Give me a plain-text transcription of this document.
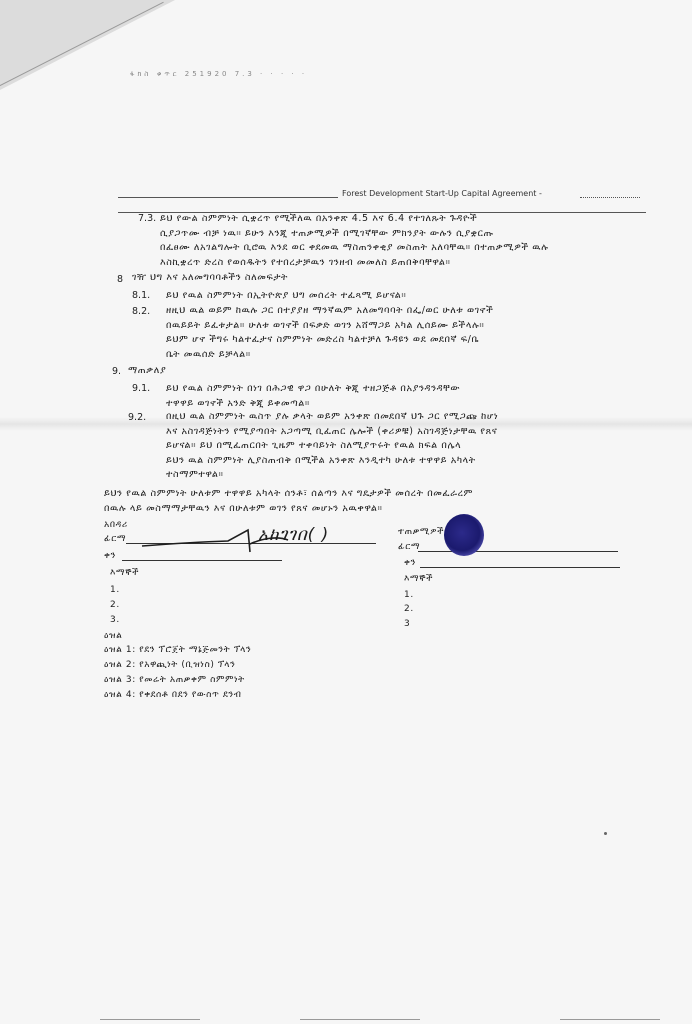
ፋክስ ቁጥር 251920 7.3 · · · · ·
Forest Development Start-Up Capital Agreement -
7.3. ይህ የውል ስምምነት ሲቋረጥ የሚችለዉ በአንቀጽ 4.5 እና 6.4 የተገለጹት ጉዳዮች
ሲያጋጥሙ ብቻ ነዉ። ይሁን እንጂ ተጠቃሚዎች በሚገኛቸው ምክንያት ውሉን ሲያቋርጡ
በፈፀሙ ለአገልግሎት ቢሮዉ እንደ ወር ቀደመዉ ማስጠንቀቂያ መስጠት አለባቸዉ። በተጠቃሚዎች ዉሉ
እስኪቋረጥ ድረስ የወሰዱትን የተበረታቻዉን ገንዘብ መመለስ ይጠበቅባቸዋል።
8 ገዥ ህግ እና አለመግባባቶችን ስለመፍታት
8.1. ይህ የዉል ስምምነት በኢትዮጵያ ህግ መሰረት ተፈጻሚ ይሆናል።
8.2. ዘዚህ ዉል ወይም ከዉሉ ጋር በተያያዘ ማንኛዉም አለመግባባት በፌ/ወር ሁለቱ ወገኖች
በዉይይት ይፈቱታል። ሁለቱ ወገኖች በፍቃድ ወገን አሸማጋይ አካል ሊሰይሙ ይችላሉ።
ይህም ሆኖ ችግሩ ካልተፈታና ስምምነት መድረስ ካልተቻለ ጉዳዩን ወደ መደበኛ ፍ/ቤ
ቤት መዉሰድ ይቻላል።
9. ማጠቃለያ
9.1. ይህ የዉል ስምምነት በነገ በሕጋዊ ዋጋ በሁለት ቅጂ ተዘጋጅቶ በአያንዳንዳቸው
ተዋዋይ ወገኖች አንድ ቅጂ ይቀመጣል።
9.2. በዚህ ዉል ስምምነት ዉስጥ ያሉ ቃላት ወይም አንቀጽ በመደበኛ ህጉ ጋር የሚጋጩ ከሆነ
እና አስገዳጅነትን የሚያጣበት አጋጣሚ ቢፈጠር ሌሎች (ቀሪዎቹ) አስገዳጅነታቸዉ የጸና
ይሆናል። ይህ በሚፈጠርበት ጊዜም ተቀባይነት ስለሚያጥሩት የዉል ክፍል በሌላ
ይህን ዉል ስምምነት ሊያስጠብቅ በሚችል አንቀጽ እንዲተካ ሁለቱ ተዋዋይ አካላት
ተስማምተዋል።
ይህን የዉል ስምምነት ሁለቱም ተዋዋይ አካላት ሰንቶ፣ ሰልጣን እና ግዴታዎች መሰረት በመፈራረም
በዉሉ ላይ መስማማታቸዉን እና በሁለቱም ወገን የጸና መሆኑን አዉቀዋል።
አበዳሪ
ፊርማ
ቀን
አከገገበ( )
እማኞች
1.
2.
3.
ተጠቃሚዎች
ፊርማ
ቀን
እማኞች
1.
2.
3
ዕዝል
ዕዝል 1: የደን ፕሮጀት ማኔጅመንት ፕላን
ዕዝል 2: የአዋጪነት (ቢዝነስ) ፕላን
ዕዝል 3: የመሬት አጠቃቀም ስምምነት
ዕዝል 4: የቀደሰቶ በደን የውስጥ ደንብ
